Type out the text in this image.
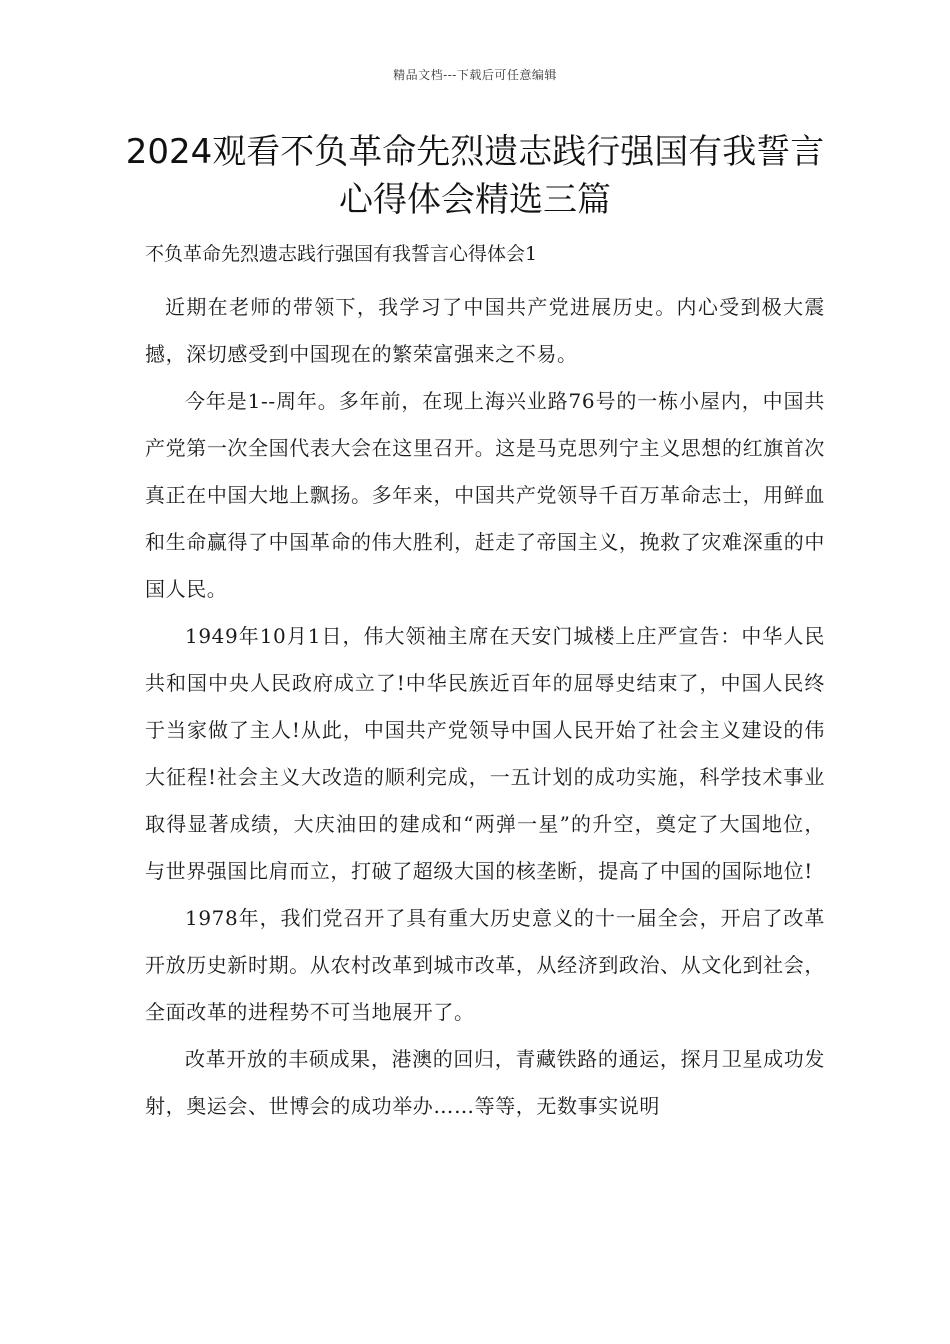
精品文档---下载后可任意编辑
2024观看不负革命先烈遗志践行强国有我誓言心得体会精选三篇
不负革命先烈遗志践行强国有我誓言心得体会1

近期在老师的带领下，我学习了中国共产党进展历史。内心受到极大震撼，深切感受到中国现在的繁荣富强来之不易。

今年是1--周年。多年前，在现上海兴业路76号的一栋小屋内，中国共产党第一次全国代表大会在这里召开。这是马克思列宁主义思想的红旗首次真正在中国大地上飘扬。多年来，中国共产党领导千百万革命志士，用鲜血和生命赢得了中国革命的伟大胜利，赶走了帝国主义，挽救了灾难深重的中国人民。

1949年10月1日，伟大领袖主席在天安门城楼上庄严宣告：中华人民共和国中央人民政府成立了!中华民族近百年的屈辱史结束了，中国人民终于当家做了主人!从此，中国共产党领导中国人民开始了社会主义建设的伟大征程!社会主义大改造的顺利完成，一五计划的成功实施，科学技术事业取得显著成绩，大庆油田的建成和“两弹一星”的升空，奠定了大国地位，与世界强国比肩而立，打破了超级大国的核垄断，提高了中国的国际地位!

1978年，我们党召开了具有重大历史意义的十一届全会，开启了改革开放历史新时期。从农村改革到城市改革，从经济到政治、从文化到社会，全面改革的进程势不可当地展开了。

改革开放的丰硕成果，港澳的回归，青藏铁路的通运，探月卫星成功发射，奥运会、世博会的成功举办……等等，无数事实说明
